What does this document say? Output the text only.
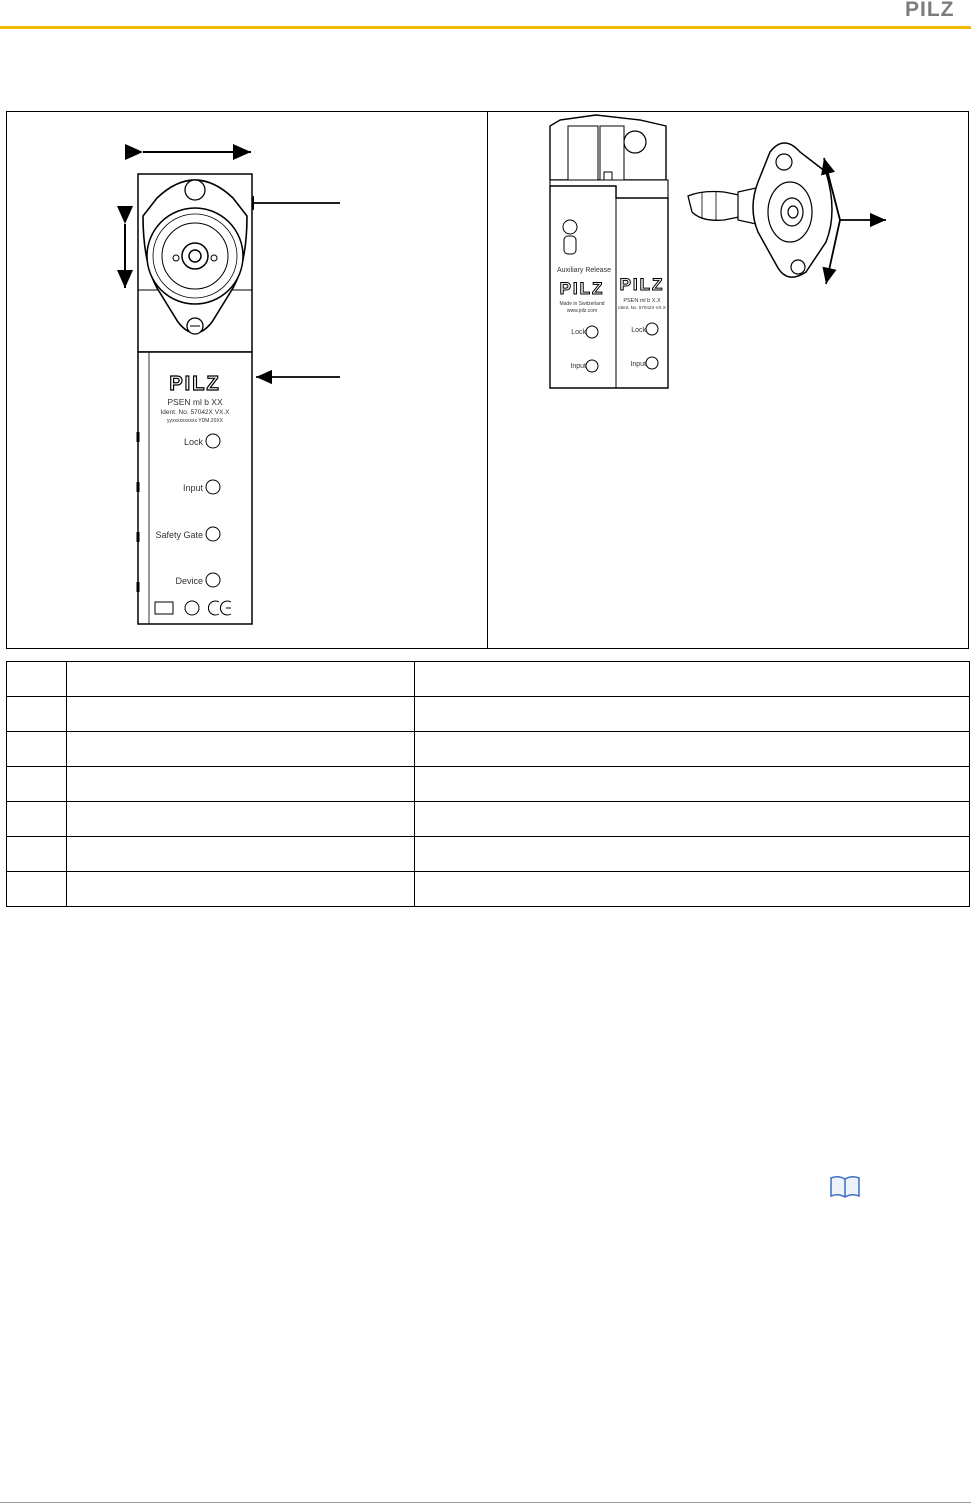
PILZ
PILZ
PSEN ml b XX
Ident. No. 57042X VX.X
yyxxxxxxxxxx YDM.20XX
Lock
Input
Safety Gate
Device
Auxiliary Release
PILZ
Made in Switzerland
www.pilz.com
PILZ
PSEN ml b X.X
Ident. No. 57042X VX.X
Lock
Input
Lock
Input
